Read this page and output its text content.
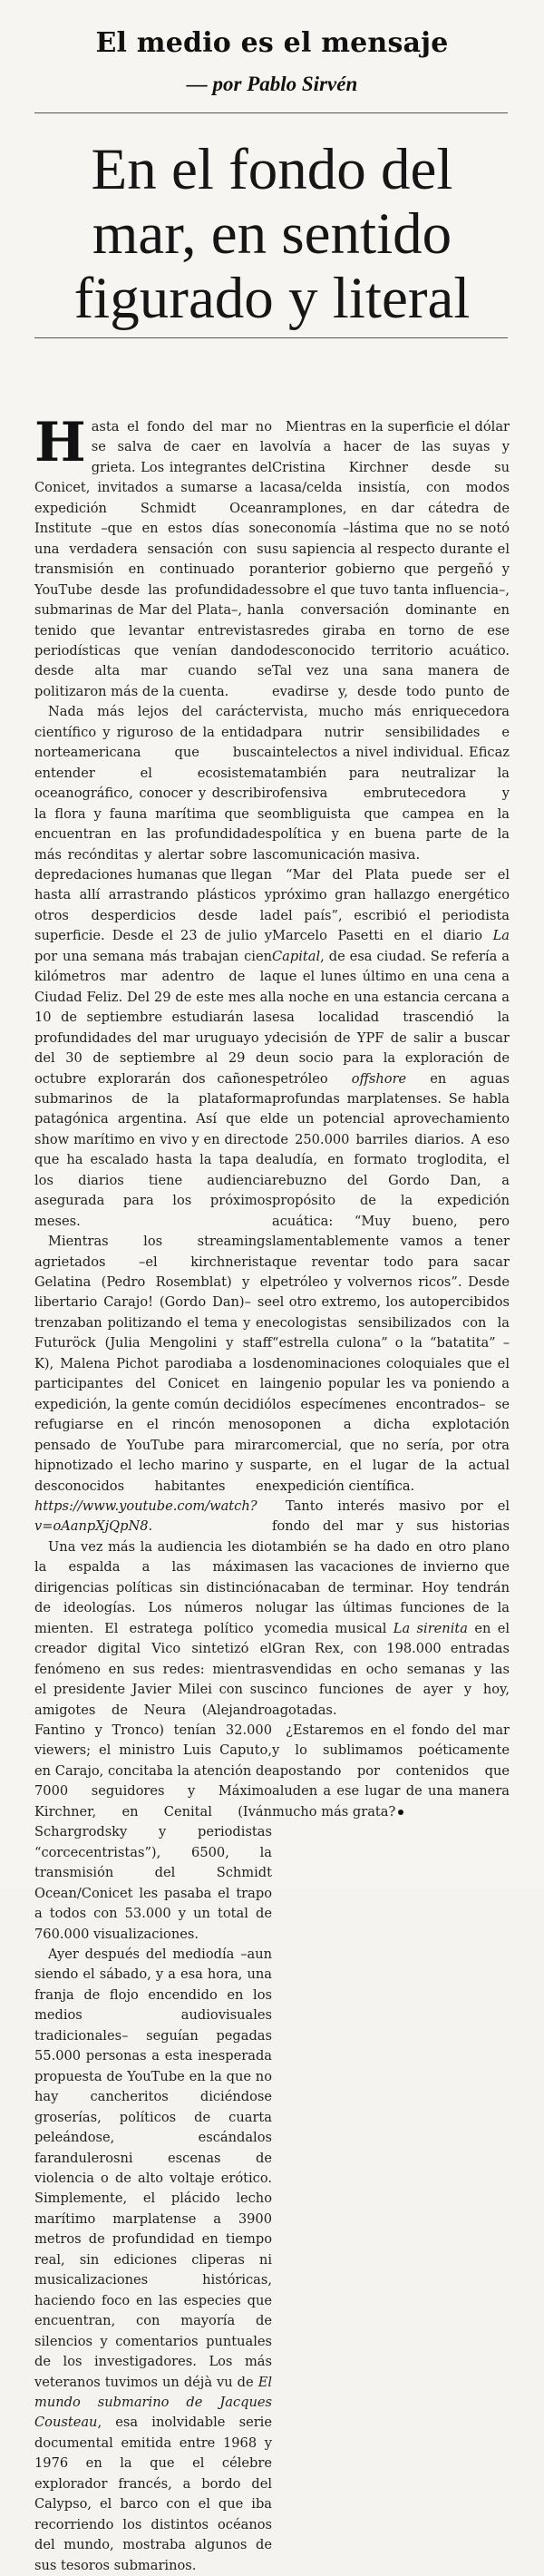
El medio es el mensaje
— por Pablo Sirvén
En el fondo del
mar, en sentido
figurado y literal

Hasta el fondo del mar no se salva de caer en la grieta. Los integrantes del Conicet, invitados a sumarse a la expedición Schmidt Ocean Institute –que en estos días son una verdadera sensación con su transmisión en continuado por YouTube desde las profundidades submarinas de Mar del Plata–, han tenido que levantar entrevistas periodísticas que venían dando desde alta mar cuando se politizaron más de la cuenta.

Nada más lejos del carácter científico y riguroso de la entidad norteamericana que busca entender el ecosistema oceanográfico, conocer y describir la flora y fauna marítima que se encuentran en las profundidades más recónditas y alertar sobre las depredaciones humanas que llegan hasta allí arrastrando plásticos y otros desperdicios desde la superficie. Desde el 23 de julio y por una semana más trabajan cien kilómetros mar adentro de la Ciudad Feliz. Del 29 de este mes al 10 de septiembre estudiarán las profundidades del mar uruguayo y del 30 de septiembre al 29 de octubre explorarán dos cañones submarinos de la plataforma patagónica argentina. Así que el show marítimo en vivo y en directo que ha escalado hasta la tapa de los diarios tiene audiencia asegurada para los próximos meses.

Mientras los streamings agrietados –el kirchnerista Gelatina (Pedro Rosemblat) y el libertario Carajo! (Gordo Dan)– se trenzaban politizando el tema y en Futuröck (Julia Mengolini y staff K), Malena Pichot parodiaba a los participantes del Conicet en la expedición, la gente común decidió refugiarse en el rincón menos pensado de YouTube para mirar hipnotizado el lecho marino y sus desconocidos habitantes en https://www.youtube.com/watch?v=oAanpXjQpN8.

Una vez más la audiencia les dio la espalda a las máximas dirigencias políticas sin distinción de ideologías. Los números no mienten. El estratega político y creador digital Vico sintetizó el fenómeno en sus redes: mientras el presidente Javier Milei con sus amigotes de Neura (Alejandro Fantino y Tronco) tenían 32.000 viewers; el ministro Luis Caputo, en Carajo, concitaba la atención de 7000 seguidores y Máximo Kirchner, en Cenital (Iván Schargrodsky y periodistas “corcecentristas”), 6500, la transmisión del Schmidt Ocean/Conicet les pasaba el trapo a todos con 53.000 y un total de 760.000 visualizaciones.

Ayer después del mediodía –aun siendo el sábado, y a esa hora, una franja de flojo encendido en los medios audiovisuales tradicionales– seguían pegadas 55.000 personas a esta inesperada propuesta de YouTube en la que no hay cancheritos diciéndose groserías, políticos de cuarta peleándose, escándalos farandulerosni escenas de violencia o de alto voltaje erótico. Simplemente, el plácido lecho marítimo marplatense a 3900 metros de profundidad en tiempo real, sin ediciones cliperas ni musicalizaciones históricas, haciendo foco en las especies que encuentran, con mayoría de silencios y comentarios puntuales de los investigadores. Los más veteranos tuvimos un déjà vu de El mundo submarino de Jacques Cousteau, esa inolvidable serie documental emitida entre 1968 y 1976 en la que el célebre explorador francés, a bordo del Calypso, el barco con el que iba recorriendo los distintos océanos del mundo, mostraba algunos de sus tesoros submarinos.

Mientras en la superficie el dólar volvía a hacer de las suyas y Cristina Kirchner desde su casa/celda insistía, con modos ramplones, en dar cátedra de economía –lástima que no se notó su sapiencia al respecto durante el anterior gobierno que pergeñó y sobre el que tuvo tanta influencia–, la conversación dominante en redes giraba en torno de ese desconocido territorio acuático. Tal vez una sana manera de evadirse y, desde todo punto de vista, mucho más enriquecedora para nutrir sensibilidades e intelectos a nivel individual. Eficaz también para neutralizar la ofensiva embrutecedora y ombliguista que campea en la política y en buena parte de la comunicación masiva.

“Mar del Plata puede ser el próximo gran hallazgo energético del país”, escribió el periodista Marcelo Pasetti en el diario La Capital, de esa ciudad. Se refería a que el lunes último en una cena a la noche en una estancia cercana a esa localidad trascendió la decisión de YPF de salir a buscar un socio para la exploración de petróleo offshore en aguas profundas marplatenses. Se habla de un potencial aprovechamiento de 250.000 barriles diarios. A eso aludía, en formato troglodita, el rebuzno del Gordo Dan, a propósito de la expedición acuática: “Muy bueno, pero lamentablemente vamos a tener que reventar todo para sacar petróleo y volvernos ricos”. Desde el otro extremo, los autopercibidos ecologistas sensibilizados con la “estrella culona” o la “batatita” –denominaciones coloquiales que el ingenio popular les va poniendo a los especímenes encontrados– se oponen a dicha explotación comercial, que no sería, por otra parte, en el lugar de la actual expedición científica.

Tanto interés masivo por el fondo del mar y sus historias también se ha dado en otro plano en las vacaciones de invierno que acaban de terminar. Hoy tendrán lugar las últimas funciones de la comedia musical La sirenita en el Gran Rex, con 198.000 entradas vendidas en ocho semanas y las cinco funciones de ayer y hoy, agotadas.

¿Estaremos en el fondo del mar y lo sublimamos poéticamente apostando por contenidos que aluden a ese lugar de una manera mucho más grata?
